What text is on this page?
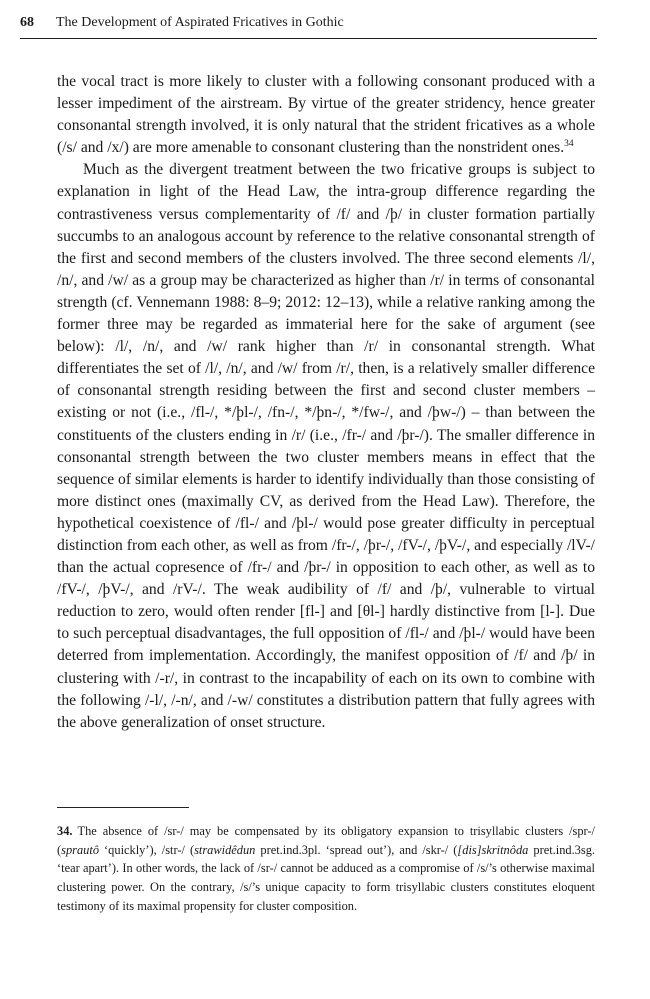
68 The Development of Aspirated Fricatives in Gothic

the vocal tract is more likely to cluster with a following consonant produced with a lesser impediment of the airstream. By virtue of the greater stridency, hence greater consonantal strength involved, it is only natural that the strident fricatives as a whole (/s/ and /x/) are more amenable to consonant clustering than the nonstrident ones.$^{34}$

Much as the divergent treatment between the two fricative groups is subject to explanation in light of the Head Law, the intra-group difference regarding the contrastiveness versus complementarity of /f/ and /þ/ in cluster formation partially succumbs to an analogous account by reference to the relative consonantal strength of the first and second members of the clusters involved. The three second elements /l/, /n/, and /w/ as a group may be characterized as higher than /r/ in terms of consonantal strength (cf. Vennemann 1988: 8–9; 2012: 12–13), while a relative ranking among the former three may be regarded as immaterial here for the sake of argument (see below): /l/, /n/, and /w/ rank higher than /r/ in consonantal strength. What differentiates the set of /l/, /n/, and /w/ from /r/, then, is a relatively smaller difference of consonantal strength residing between the first and second cluster members – existing or not (i.e., /fl-/, */þl-/, /fn-/, */þn-/, */fw-/, and /þw-/) – than between the constituents of the clusters ending in /r/ (i.e., /fr-/ and /þr-/). The smaller difference in consonantal strength between the two cluster members means in effect that the sequence of similar elements is harder to identify individually than those consisting of more distinct ones (maximally CV, as derived from the Head Law). Therefore, the hypothetical coexistence of /fl-/ and /þl-/ would pose greater difficulty in perceptual distinction from each other, as well as from /fr-/, /þr-/, /fV-/, /þV-/, and especially /lV-/ than the actual copresence of /fr-/ and /þr-/ in opposition to each other, as well as to /fV-/, /þV-/, and /rV-/. The weak audibility of /f/ and /þ/, vulnerable to virtual reduction to zero, would often render [fl-] and [θl-] hardly distinctive from [l-]. Due to such perceptual disadvantages, the full opposition of /fl-/ and /þl-/ would have been deterred from implementation. Accordingly, the manifest opposition of /f/ and /þ/ in clustering with /-r/, in contrast to the incapability of each on its own to combine with the following /-l/, /-n/, and /-w/ constitutes a distribution pattern that fully agrees with the above generalization of onset structure.

34. The absence of /sr-/ may be compensated by its obligatory expansion to trisyllabic clusters /spr-/ (sprautô ‘quickly’), /str-/ (strawidêdun pret.ind.3pl. ‘spread out’), and /skr-/ ([dis]skritnôda pret.ind.3sg. ‘tear apart’). In other words, the lack of /sr-/ cannot be adduced as a compromise of /s/’s otherwise maximal clustering power. On the contrary, /s/’s unique capacity to form trisyllabic clusters constitutes eloquent testimony of its maximal propensity for cluster composition.
